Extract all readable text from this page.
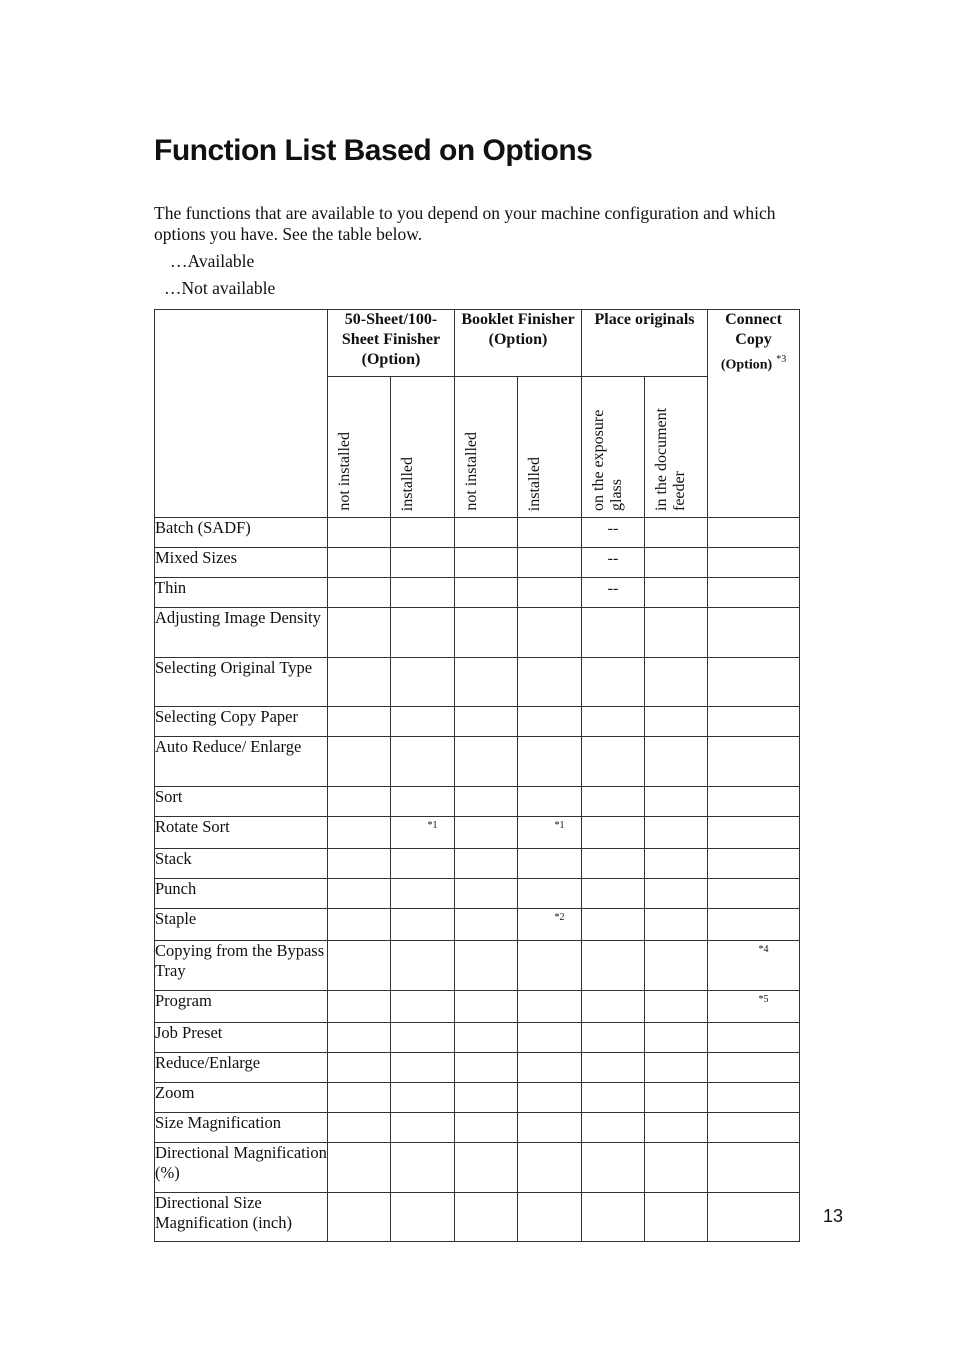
Function List Based on Options

The functions that are available to you depend on your machine configuration and which options you have. See the table below.

…Available
…Not available
	50-Sheet/100-Sheet Finisher (Option)		Booklet Finisher (Option)		Place originals		Connect Copy
(Option) $^{*3}$

	not installed	installed	not installed	installed	on the exposure glass	in the document feeder	

Batch (SADF)					--		
Mixed Sizes					--		
Thin					--		
Adjusting Image Density							
Selecting Original Type							
Selecting Copy Paper							
Auto Reduce/ Enlarge							
Sort							
Rotate Sort		*1		*1			

Stack							
Punch							
Staple				*2			

Copying from the Bypass Tray							*4

Program							*5

Job Preset							
Reduce/Enlarge							
Zoom							
Size Magnification							
Directional Magnification (%)							
Directional Size Magnification (inch)								13
